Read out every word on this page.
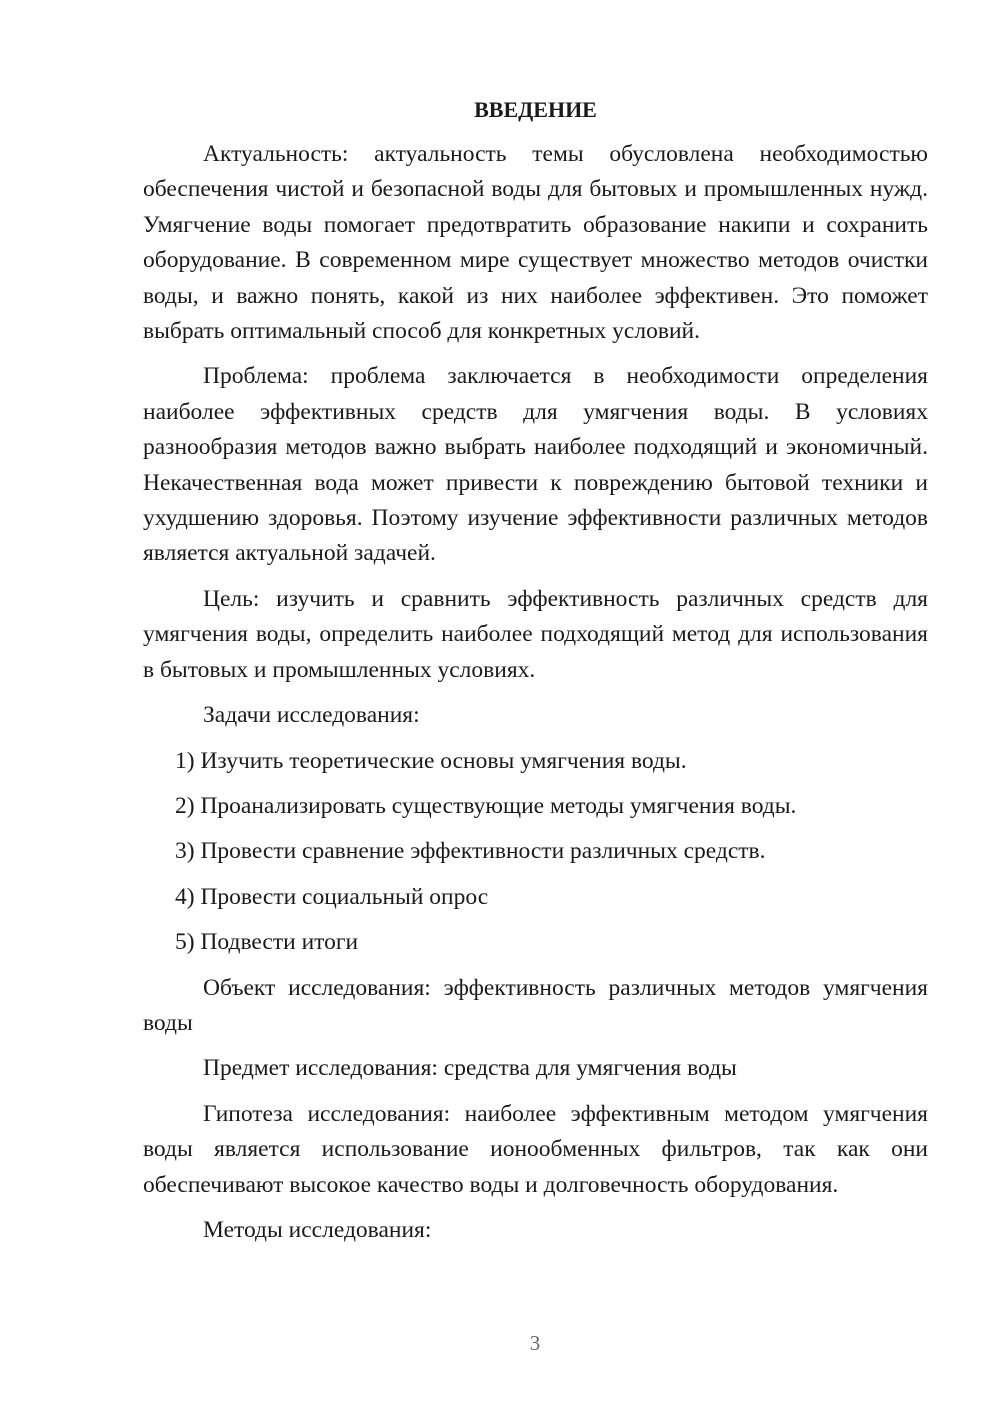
ВВЕДЕНИЕ

Актуальность: актуальность темы обусловлена необходимостью обеспечения чистой и безопасной воды для бытовых и промышленных нужд. Умягчение воды помогает предотвратить образование накипи и сохранить оборудование. В современном мире существует множество методов очистки воды, и важно понять, какой из них наиболее эффективен. Это поможет выбрать оптимальный способ для конкретных условий.

Проблема: проблема заключается в необходимости определения наиболее эффективных средств для умягчения воды. В условиях разнообразия методов важно выбрать наиболее подходящий и экономичный. Некачественная вода может привести к повреждению бытовой техники и ухудшению здоровья. Поэтому изучение эффективности различных методов является актуальной задачей.

Цель: изучить и сравнить эффективность различных средств для умягчения воды, определить наиболее подходящий метод для использования в бытовых и промышленных условиях.

Задачи исследования:

1) Изучить теоретические основы умягчения воды.

2) Проанализировать существующие методы умягчения воды.

3) Провести сравнение эффективности различных средств.

4) Провести социальный опрос

5) Подвести итоги

Объект исследования: эффективность различных методов умягчения воды

Предмет исследования: средства для умягчения воды

Гипотеза исследования: наиболее эффективным методом умягчения воды является использование ионообменных фильтров, так как они обеспечивают высокое качество воды и долговечность оборудования.

Методы исследования:

3
